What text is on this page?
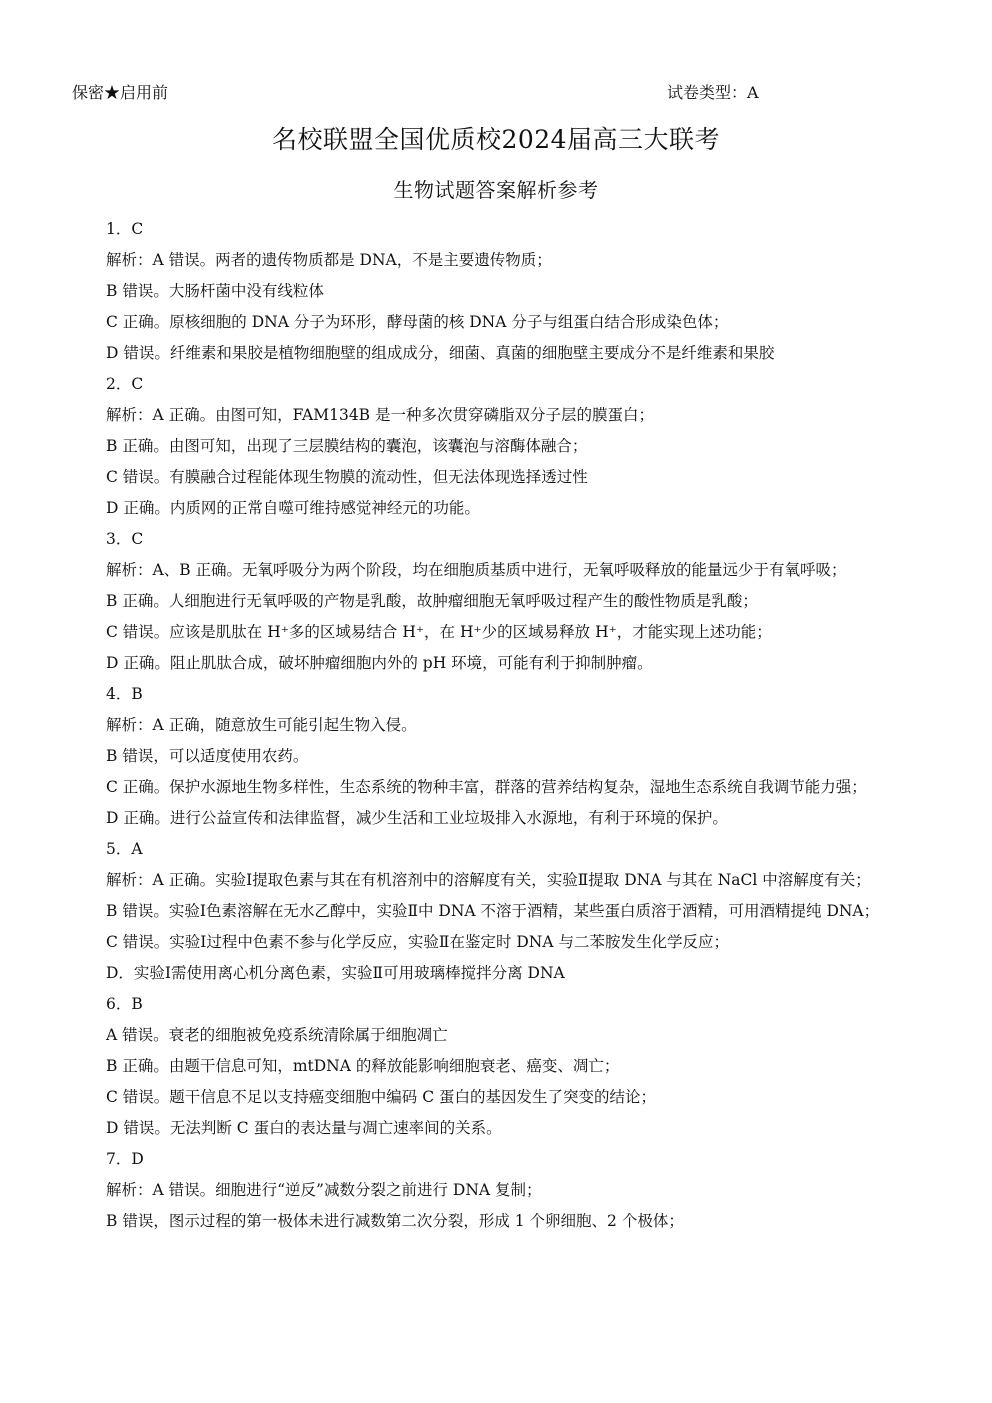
保密★启用前	试卷类型：A
名校联盟全国优质校2024届高三大联考
生物试题答案解析参考
1．C
解析：A 错误。两者的遗传物质都是 DNA，不是主要遗传物质；
B 错误。大肠杆菌中没有线粒体
C 正确。原核细胞的 DNA 分子为环形，酵母菌的核 DNA 分子与组蛋白结合形成染色体；
D 错误。纤维素和果胶是植物细胞壁的组成成分，细菌、真菌的细胞壁主要成分不是纤维素和果胶
2．C
解析：A 正确。由图可知，FAM134B 是一种多次贯穿磷脂双分子层的膜蛋白；
B 正确。由图可知，出现了三层膜结构的囊泡，该囊泡与溶酶体融合；
C 错误。有膜融合过程能体现生物膜的流动性，但无法体现选择透过性
D 正确。内质网的正常自噬可维持感觉神经元的功能。
3．C
解析：A、B 正确。无氧呼吸分为两个阶段，均在细胞质基质中进行，无氧呼吸释放的能量远少于有氧呼吸；
B 正确。人细胞进行无氧呼吸的产物是乳酸，故肿瘤细胞无氧呼吸过程产生的酸性物质是乳酸；
C 错误。应该是肌肽在 H⁺多的区域易结合 H⁺，在 H⁺少的区域易释放 H⁺，才能实现上述功能；
D 正确。阻止肌肽合成，破坏肿瘤细胞内外的 pH 环境，可能有利于抑制肿瘤。
4．B
解析：A 正确，随意放生可能引起生物入侵。
B 错误，可以适度使用农药。
C 正确。保护水源地生物多样性，生态系统的物种丰富，群落的营养结构复杂，湿地生态系统自我调节能力强；
D 正确。进行公益宣传和法律监督，减少生活和工业垃圾排入水源地，有利于环境的保护。
5．A
解析：A 正确。实验Ⅰ提取色素与其在有机溶剂中的溶解度有关，实验Ⅱ提取 DNA 与其在 NaCl 中溶解度有关；
B 错误。实验Ⅰ色素溶解在无水乙醇中，实验Ⅱ中 DNA 不溶于酒精，某些蛋白质溶于酒精，可用酒精提纯 DNA；
C 错误。实验Ⅰ过程中色素不参与化学反应，实验Ⅱ在鉴定时 DNA 与二苯胺发生化学反应；
D．实验Ⅰ需使用离心机分离色素，实验Ⅱ可用玻璃棒搅拌分离 DNA
6．B
A 错误。衰老的细胞被免疫系统清除属于细胞凋亡
B 正确。由题干信息可知，mtDNA 的释放能影响细胞衰老、癌变、凋亡；
C 错误。题干信息不足以支持癌变细胞中编码 C 蛋白的基因发生了突变的结论；
D 错误。无法判断 C 蛋白的表达量与凋亡速率间的关系。
7．D
解析：A 错误。细胞进行“逆反”减数分裂之前进行 DNA 复制；
B 错误，图示过程的第一极体未进行减数第二次分裂，形成 1 个卵细胞、2 个极体；
